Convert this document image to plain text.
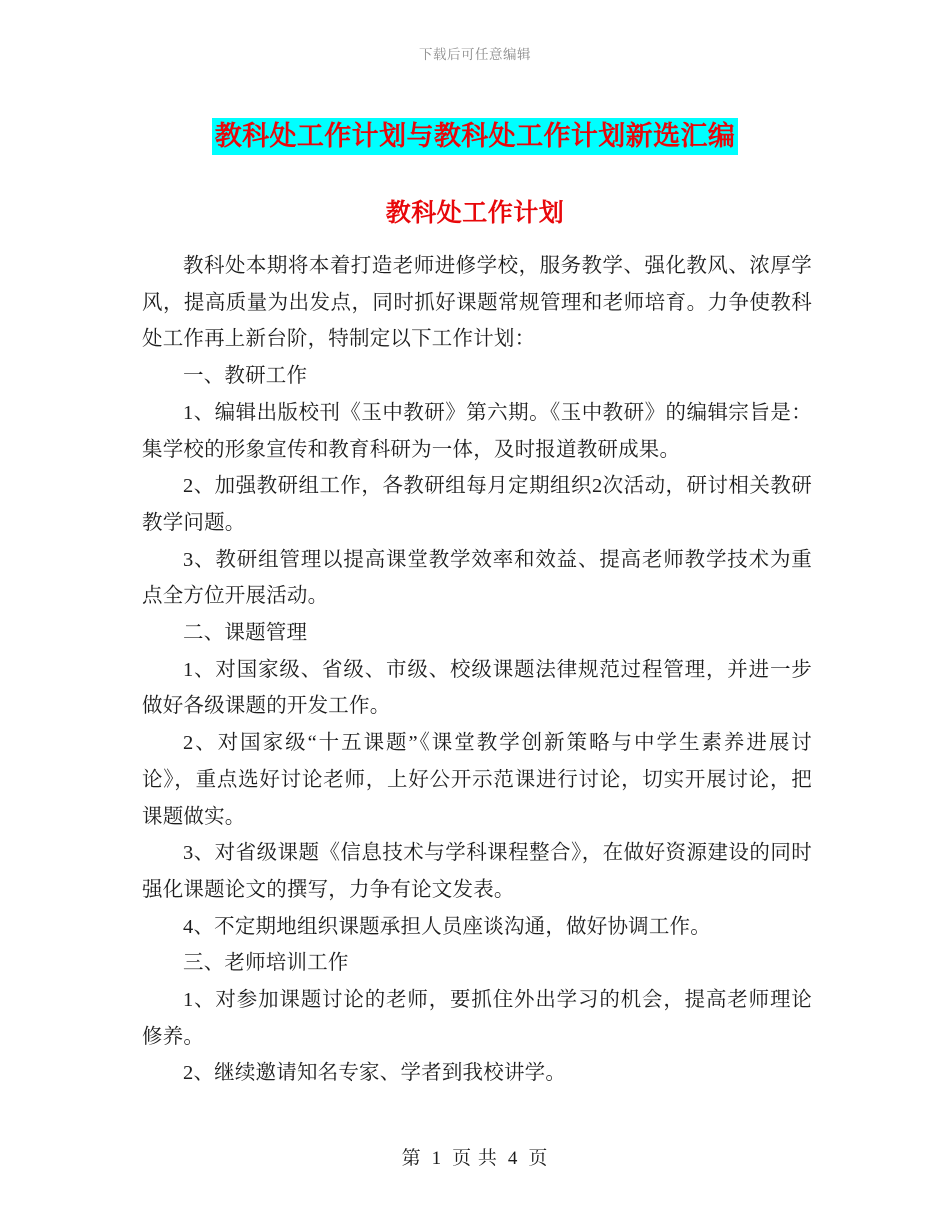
下载后可任意编辑
教科处工作计划与教科处工作计划新选汇编
教科处工作计划

教科处本期将本着打造老师进修学校，服务教学、强化教风、浓厚学风，提高质量为出发点，同时抓好课题常规管理和老师培育。力争使教科处工作再上新台阶，特制定以下工作计划：

一、教研工作

1、编辑出版校刊《玉中教研》第六期。《玉中教研》的编辑宗旨是：集学校的形象宣传和教育科研为一体，及时报道教研成果。

2、加强教研组工作，各教研组每月定期组织2次活动，研讨相关教研教学问题。

3、教研组管理以提高课堂教学效率和效益、提高老师教学技术为重点全方位开展活动。

二、课题管理

1、对国家级、省级、市级、校级课题法律规范过程管理，并进一步做好各级课题的开发工作。

2、对国家级“十五课题”《课堂教学创新策略与中学生素养进展讨论》，重点选好讨论老师，上好公开示范课进行讨论，切实开展讨论，把课题做实。

3、对省级课题《信息技术与学科课程整合》，在做好资源建设的同时强化课题论文的撰写，力争有论文发表。

4、不定期地组织课题承担人员座谈沟通，做好协调工作。

三、老师培训工作

1、对参加课题讨论的老师，要抓住外出学习的机会，提高老师理论修养。

2、继续邀请知名专家、学者到我校讲学。

第 1 页 共 4 页
